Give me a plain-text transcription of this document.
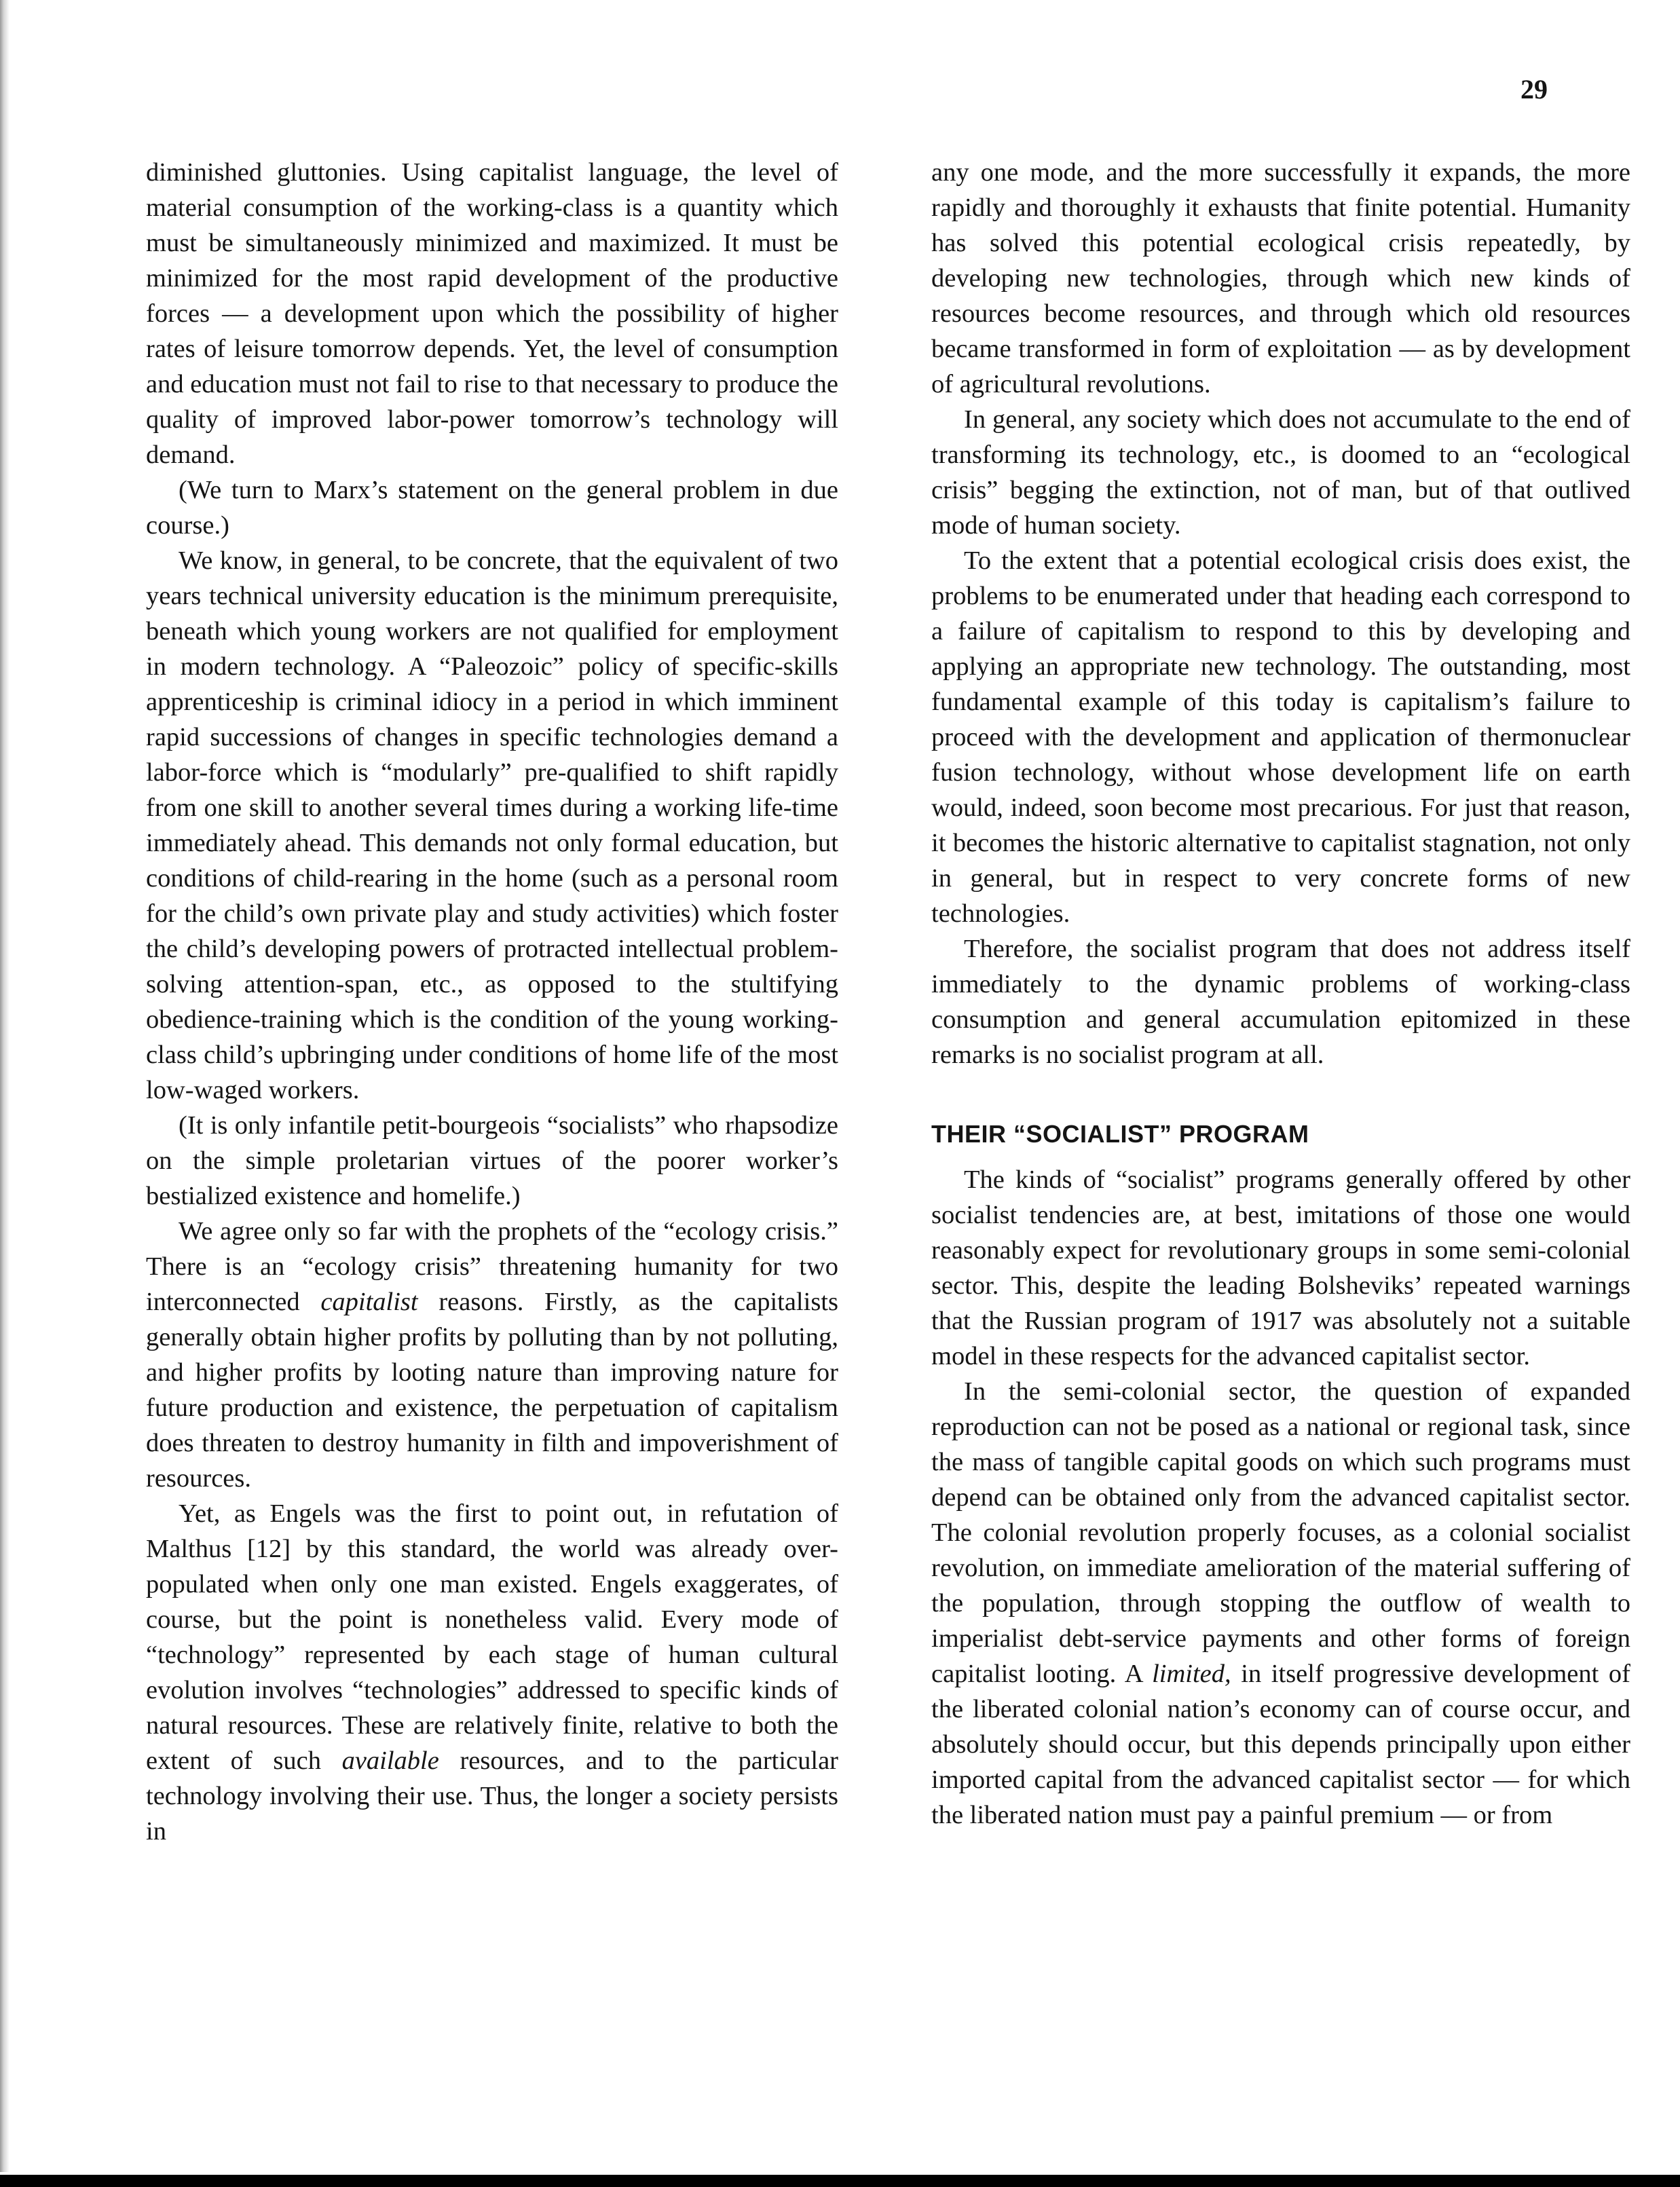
29

diminished gluttonies. Using capitalist language, the level of material consumption of the working-class is a quantity which must be simultaneously minimized and maximized. It must be minimized for the most rapid development of the productive forces — a development upon which the possibility of higher rates of leisure tomorrow depends. Yet, the level of consumption and education must not fail to rise to that necessary to produce the quality of improved labor-power tomorrow’s technology will demand.

(We turn to Marx’s statement on the general problem in due course.)

We know, in general, to be concrete, that the equivalent of two years technical university education is the minimum prerequisite, beneath which young workers are not qualified for employment in modern technology. A “Paleozoic” policy of specific-skills apprenticeship is criminal idiocy in a period in which imminent rapid successions of changes in specific technologies demand a labor-force which is “modularly” pre-qualified to shift rapidly from one skill to another several times during a working life-time immediately ahead. This demands not only formal education, but conditions of child-rearing in the home (such as a personal room for the child’s own private play and study activities) which foster the child’s developing powers of protracted intellectual problem-solving attention-span, etc., as opposed to the stultifying obedience-training which is the condition of the young working-class child’s upbringing under conditions of home life of the most low-waged workers.

(It is only infantile petit-bourgeois “socialists” who rhapsodize on the simple proletarian virtues of the poorer worker’s bestialized existence and homelife.)

We agree only so far with the prophets of the “ecology crisis.” There is an “ecology crisis” threatening humanity for two interconnected capitalist reasons. Firstly, as the capitalists generally obtain higher profits by polluting than by not polluting, and higher profits by looting nature than improving nature for future production and existence, the perpetuation of capitalism does threaten to destroy humanity in filth and impoverishment of resources.

Yet, as Engels was the first to point out, in refutation of Malthus [12] by this standard, the world was already over-populated when only one man existed. Engels exaggerates, of course, but the point is nonetheless valid. Every mode of “technology” represented by each stage of human cultural evolution involves “technologies” addressed to specific kinds of natural resources. These are relatively finite, relative to both the extent of such available resources, and to the particular technology involving their use. Thus, the longer a society persists in

any one mode, and the more successfully it expands, the more rapidly and thoroughly it exhausts that finite potential. Humanity has solved this potential ecological crisis repeatedly, by developing new technologies, through which new kinds of resources become resources, and through which old resources became transformed in form of exploitation — as by development of agricultural revolutions.

In general, any society which does not accumulate to the end of transforming its technology, etc., is doomed to an “ecological crisis” begging the extinction, not of man, but of that outlived mode of human society.

To the extent that a potential ecological crisis does exist, the problems to be enumerated under that heading each correspond to a failure of capitalism to respond to this by developing and applying an appropriate new technology. The outstanding, most fundamental example of this today is capitalism’s failure to proceed with the development and application of thermonuclear fusion technology, without whose development life on earth would, indeed, soon become most precarious. For just that reason, it becomes the historic alternative to capitalist stagnation, not only in general, but in respect to very concrete forms of new technologies.

Therefore, the socialist program that does not address itself immediately to the dynamic problems of working-class consumption and general accumulation epitomized in these remarks is no socialist program at all.

THEIR “SOCIALIST” PROGRAM

The kinds of “socialist” programs generally offered by other socialist tendencies are, at best, imitations of those one would reasonably expect for revolutionary groups in some semi-colonial sector. This, despite the leading Bolsheviks’ repeated warnings that the Russian program of 1917 was absolutely not a suitable model in these respects for the advanced capitalist sector.

In the semi-colonial sector, the question of expanded reproduction can not be posed as a national or regional task, since the mass of tangible capital goods on which such programs must depend can be obtained only from the advanced capitalist sector. The colonial revolution properly focuses, as a colonial socialist revolution, on immediate amelioration of the material suffering of the population, through stopping the outflow of wealth to imperialist debt-service payments and other forms of foreign capitalist looting. A limited, in itself progressive development of the liberated colonial nation’s economy can of course occur, and absolutely should occur, but this depends principally upon either imported capital from the advanced capitalist sector — for which the liberated nation must pay a painful premium — or from
